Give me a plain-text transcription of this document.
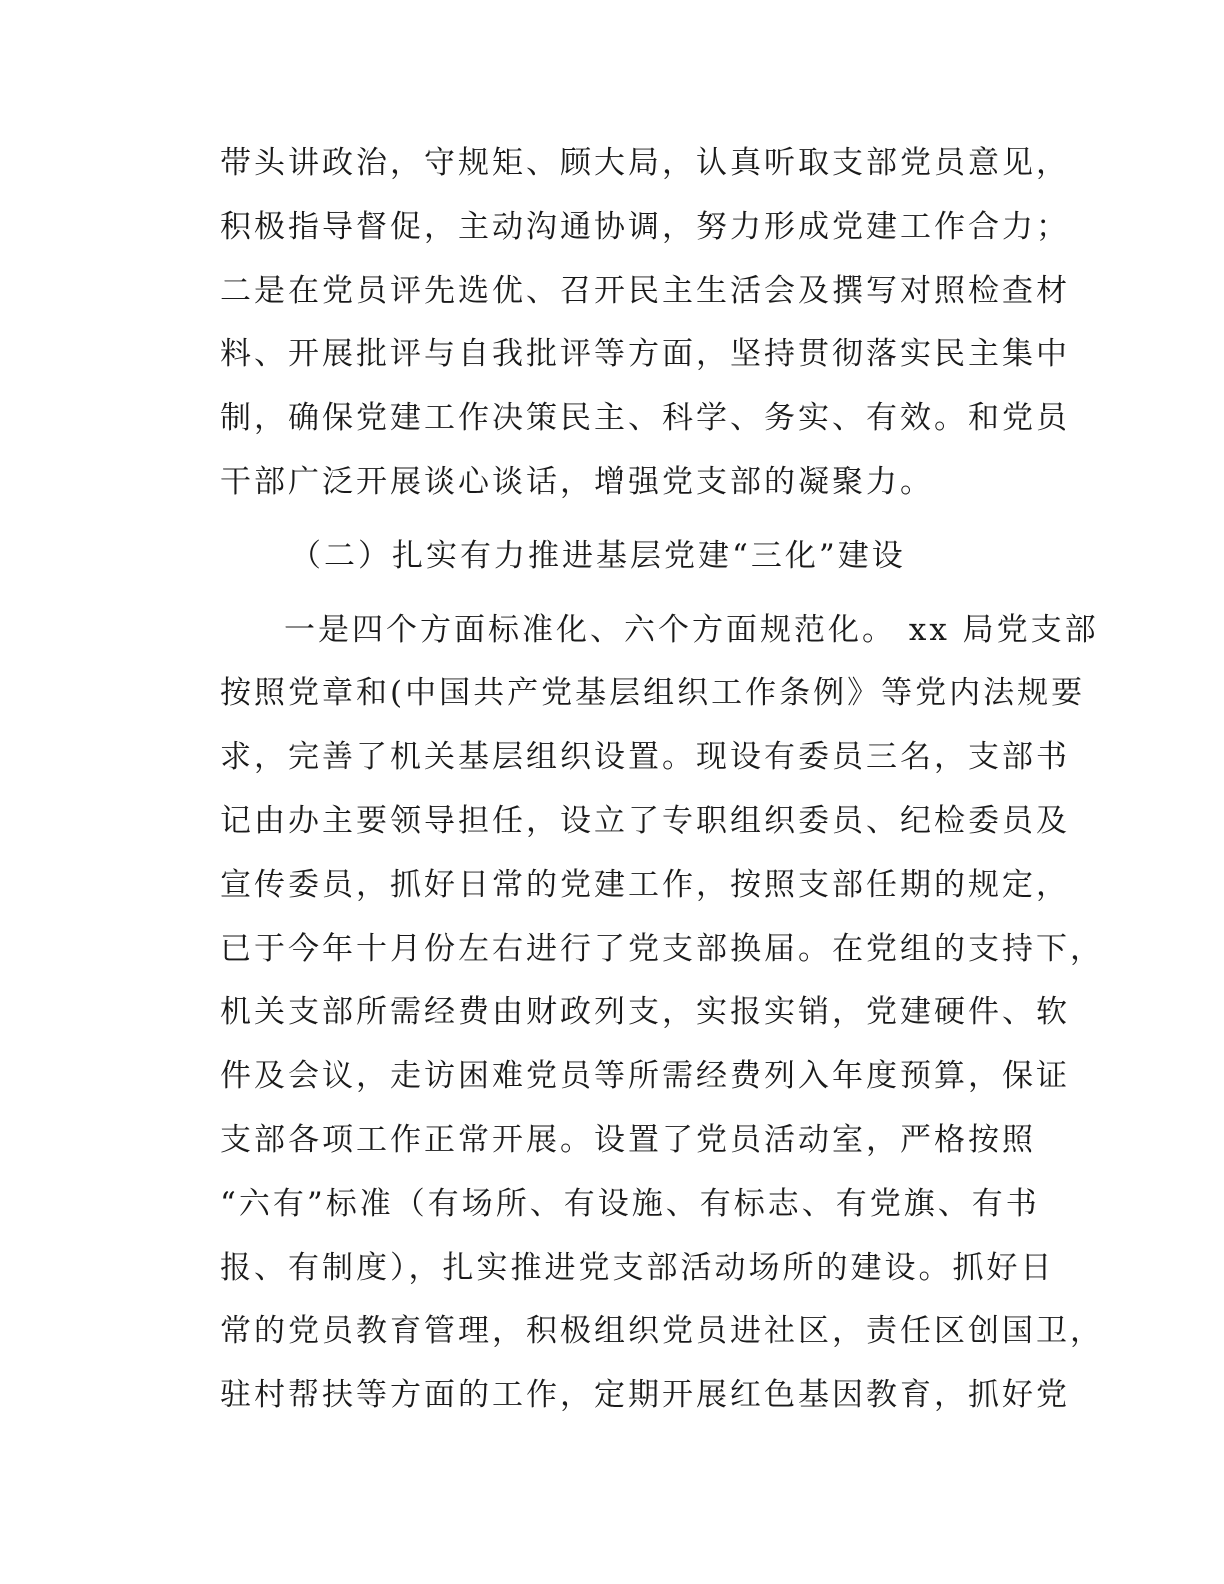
带头讲政治，守规矩、顾大局，认真听取支部党员意见，
积极指导督促，主动沟通协调，努力形成党建工作合力；
二是在党员评先选优、召开民主生活会及撰写对照检查材
料、开展批评与自我批评等方面，坚持贯彻落实民主集中
制，确保党建工作决策民主、科学、务实、有效。和党员
干部广泛开展谈心谈话，增强党支部的凝聚力。
（二）扎实有力推进基层党建“三化”建设
一是四个方面标准化、六个方面规范化。 xx 局党支部
按照党章和(中国共产党基层组织工作条例》等党内法规要
求，完善了机关基层组织设置。现设有委员三名，支部书
记由办主要领导担任，设立了专职组织委员、纪检委员及
宣传委员，抓好日常的党建工作，按照支部任期的规定，
已于今年十月份左右进行了党支部换届。在党组的支持下，
机关支部所需经费由财政列支，实报实销，党建硬件、软
件及会议，走访困难党员等所需经费列入年度预算，保证
支部各项工作正常开展。设置了党员活动室，严格按照
“六有”标准（有场所、有设施、有标志、有党旗、有书
报、有制度），扎实推进党支部活动场所的建设。抓好日
常的党员教育管理，积极组织党员进社区，责任区创国卫，
驻村帮扶等方面的工作，定期开展红色基因教育，抓好党
